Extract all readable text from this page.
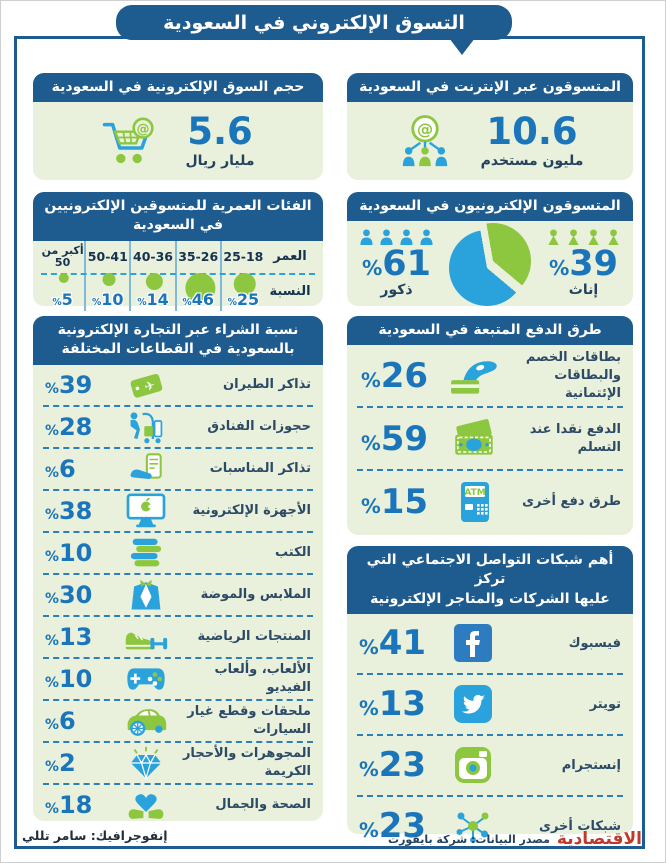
التسوق الإلكتروني في السعودية
حجم السوق الإلكترونية في السعودية
@ 5.6
مليار ريال
المتسوقون عبر الإنترنت في السعودية
@ 10.6
مليون مستخدم
الفئات العمرية للمتسوقين الإلكترونيين
في السعودية
العمر
النسبة
25-18
%25
35-26
%46
40-36
%14
50-41
%10
أكبر من 50
%5
المتسوقون الإلكترونيون في السعودية
%61
ذكور
%39
إناث
نسبة الشراء عبر التجارة الإلكترونية
بالسعودية في القطاعات المختلفة
تذاكر الطيران
✈
%39
حجوزات الفنادق
%28
تذاكر المناسبات
%6
الأجهزة الإلكترونية
%38
الكتب
%10
الملابس والموضة
%30
المنتجات الرياضية
%13
الألعاب، وألعاب الفيديو
%10
ملحقات وقطع غيار السيارات
%6
المجوهرات والأحجار الكريمة
%2
الصحة والجمال
%18
طرق الدفع المتبعة في السعودية
بطاقات الخصم والبطاقات الإئتمانية
%26
الدفع نقدا عند التسلم
%59
طرق دفع أخرى
ATM
%15
أهم شبكات التواصل الاجتماعي التي تركز
عليها الشركات والمتاجر الإلكترونية
فيسبوك
%41
تويتر
%13
إنستجرام
%23
شبكات أخرى
%23
إنفوجرافيك: سامر تللي	الاقتصادية
مصدر البيانات: شركة بايفورت
